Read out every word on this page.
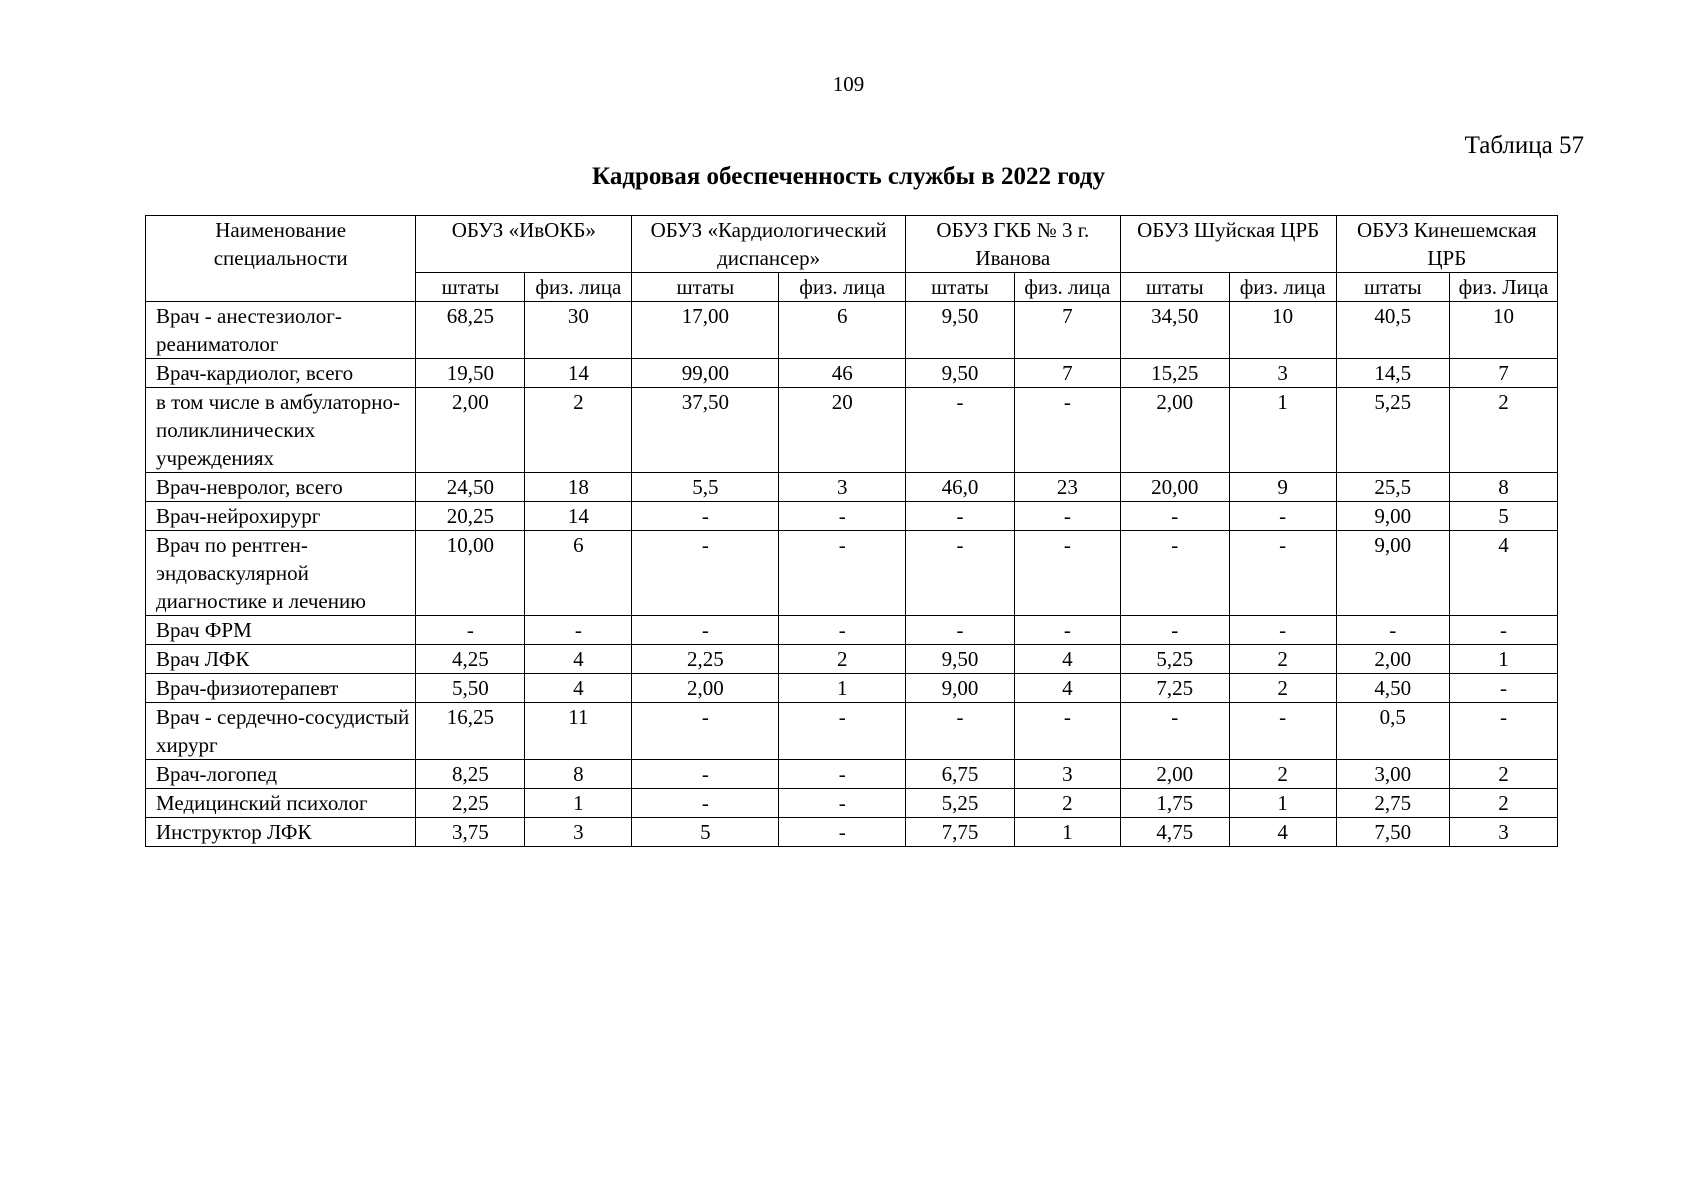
109
Таблица 57
Кадровая обеспеченность службы в 2022 году
Наименование специальности	ОБУЗ «ИвОКБ»		ОБУЗ «Кардиологический диспансер»		ОБУЗ ГКБ № 3 г. Иванова		ОБУЗ Шуйская ЦРБ		ОБУЗ Кинешемская ЦРБ	
	штаты	физ. лица	штаты	физ. лица	штаты	физ. лица	штаты	физ. лица	штаты	физ. Лица
Врач - анестезиолог-реаниматолог	68,25	30	17,00	6	9,50	7	34,50	10	40,5	10
Врач-кардиолог, всего	19,50	14	99,00	46	9,50	7	15,25	3	14,5	7
в том числе в амбулаторно-поликлинических учреждениях	2,00	2	37,50	20	-	-	2,00	1	5,25	2
Врач-невролог, всего	24,50	18	5,5	3	46,0	23	20,00	9	25,5	8
Врач-нейрохирург	20,25	14	-	-	-	-	-	-	9,00	5
Врач по рентген-эндоваскулярной диагностике и лечению	10,00	6	-	-	-	-	-	-	9,00	4
Врач ФРМ	-	-	-	-	-	-	-	-	-	-
Врач ЛФК	4,25	4	2,25	2	9,50	4	5,25	2	2,00	1
Врач-физиотерапевт	5,50	4	2,00	1	9,00	4	7,25	2	4,50	-
Врач - сердечно-сосудистый хирург	16,25	11	-	-	-	-	-	-	0,5	-
Врач-логопед	8,25	8	-	-	6,75	3	2,00	2	3,00	2
Медицинский психолог	2,25	1	-	-	5,25	2	1,75	1	2,75	2
Инструктор ЛФК	3,75	3	5	-	7,75	1	4,75	4	7,50	3
